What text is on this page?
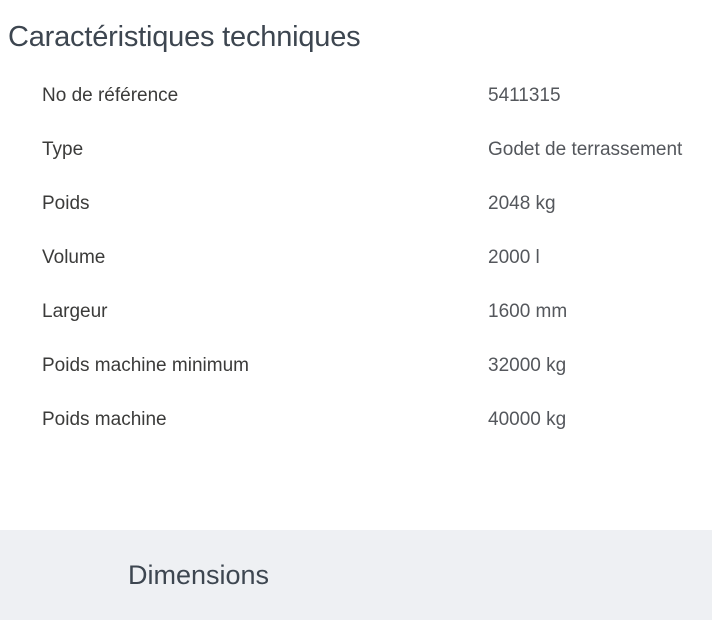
Caractéristiques techniques
No de référence	5411315
Type	Godet de terrassement
Poids	2048 kg
Volume	2000 l
Largeur	1600 mm
Poids machine minimum	32000 kg
Poids machine	40000 kg
Dimensions
